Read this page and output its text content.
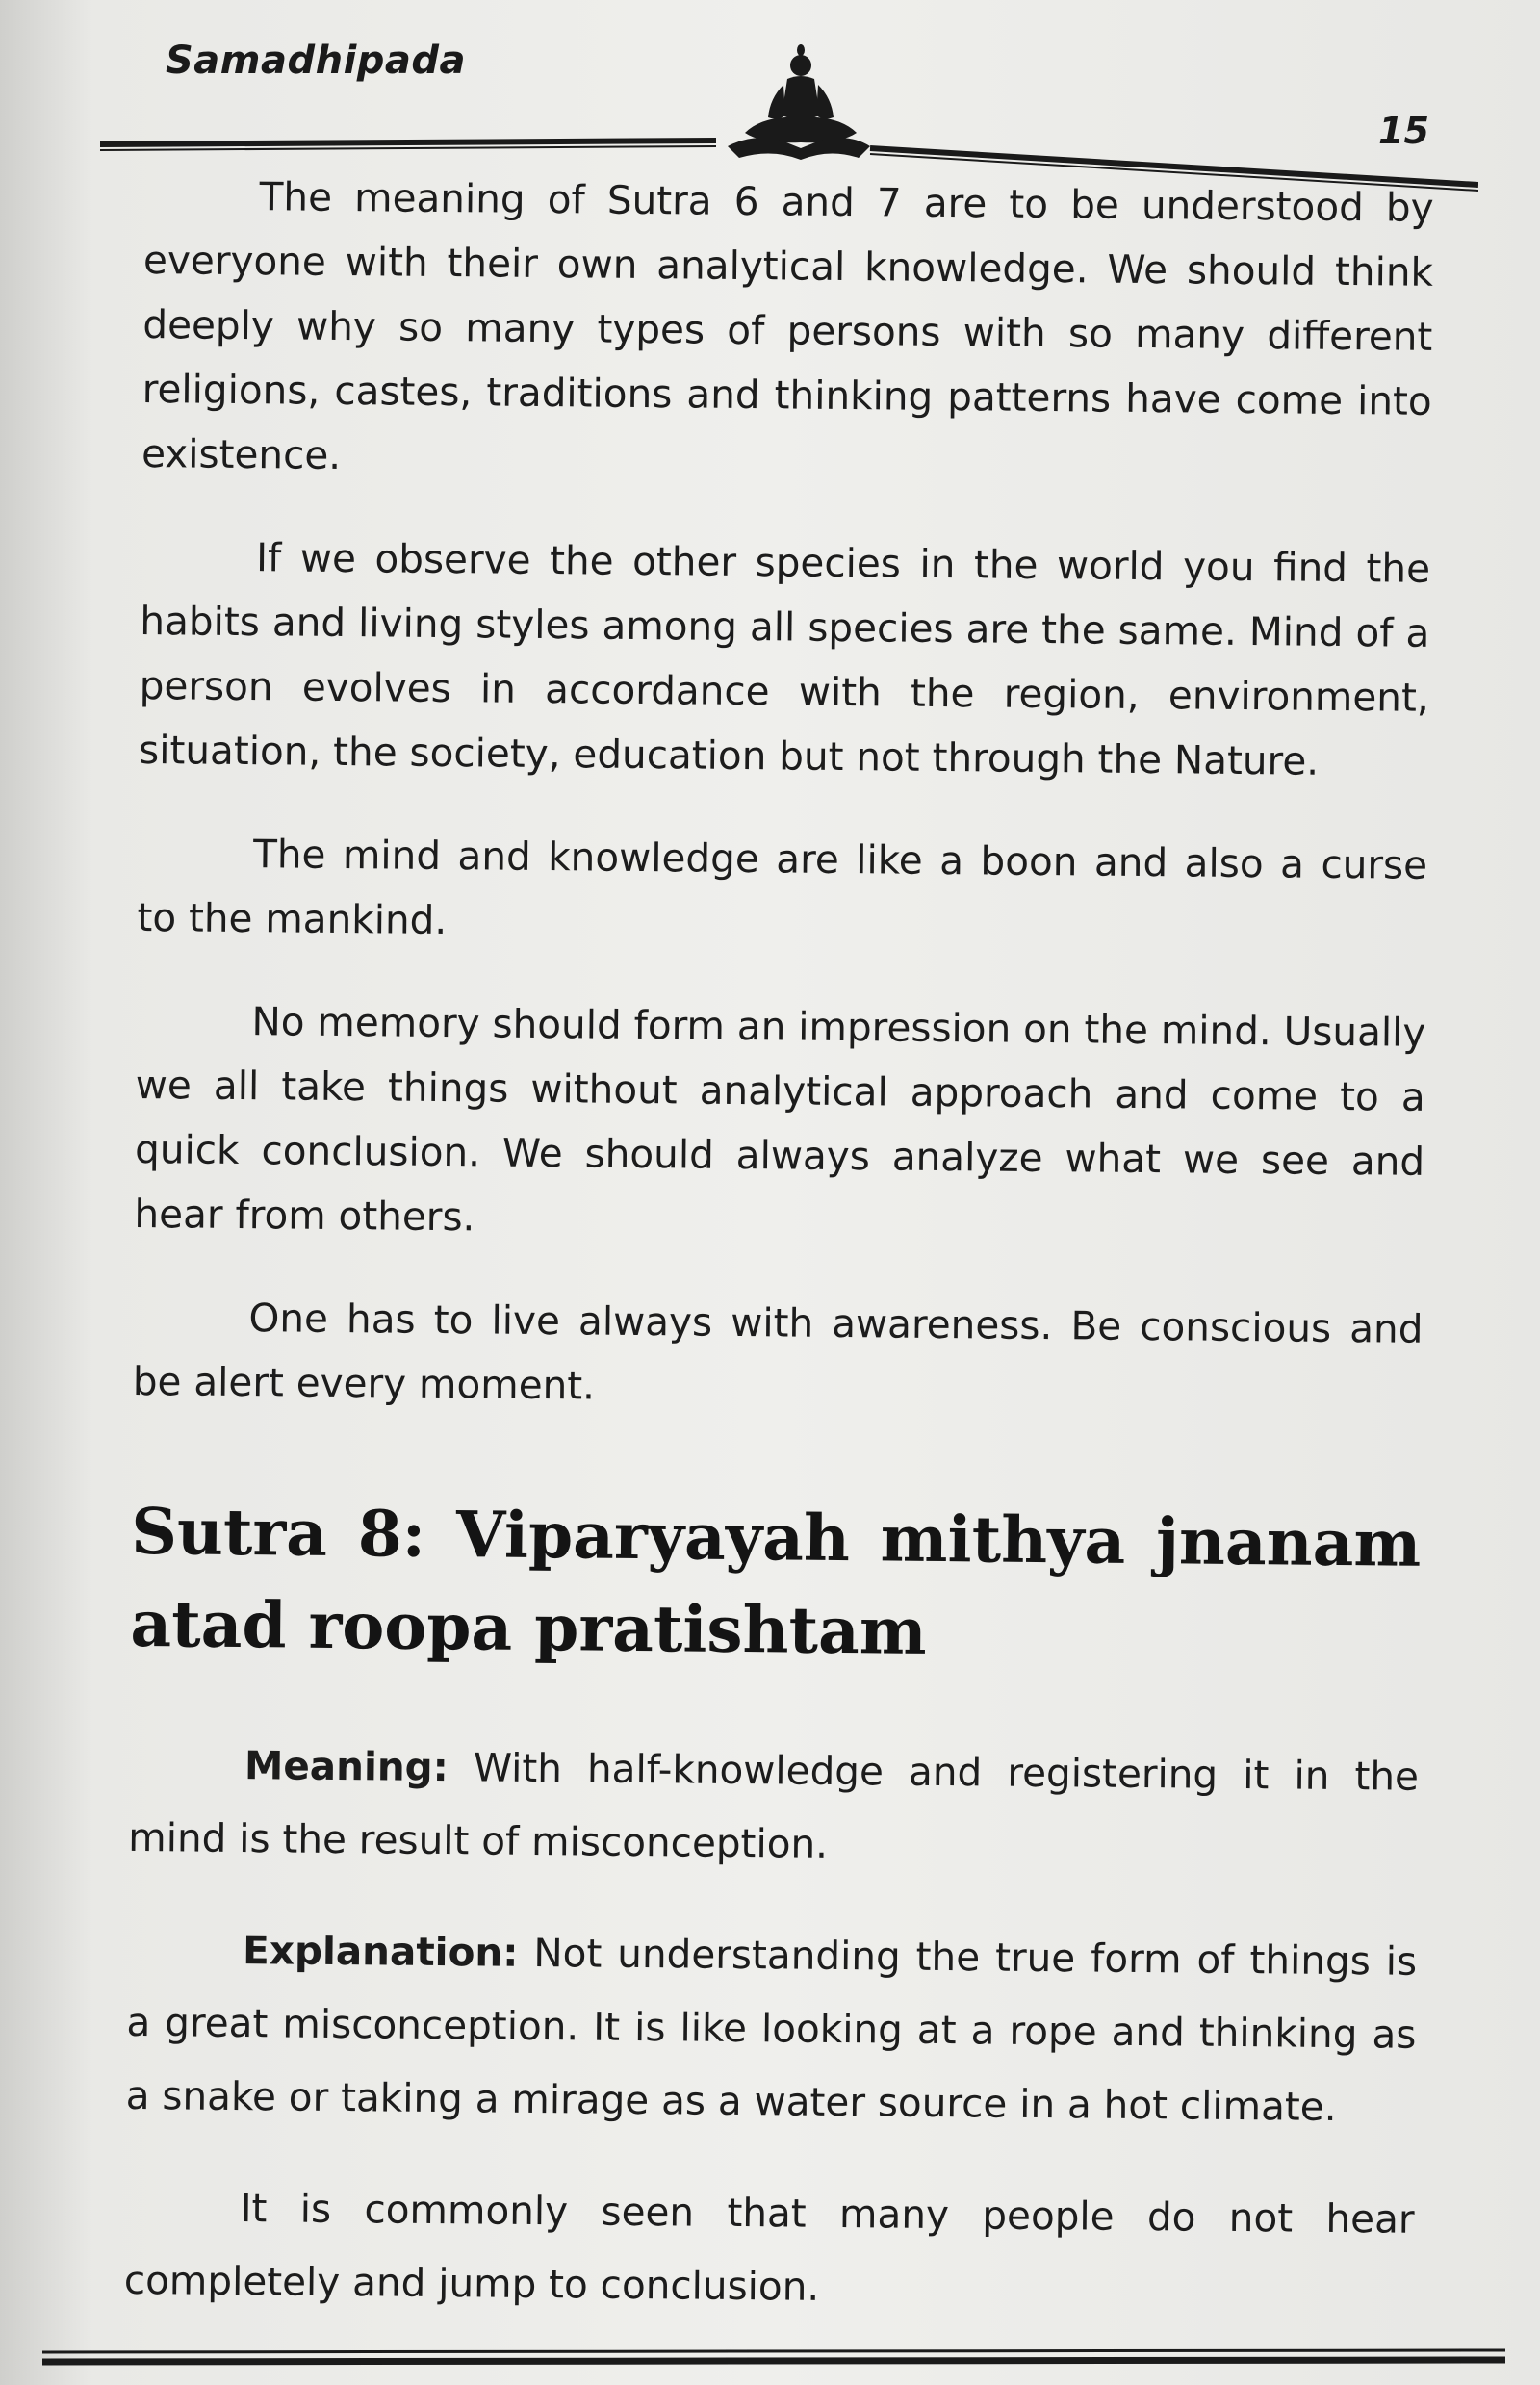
Samadhipada
15

The meaning of Sutra 6 and 7 are to be understood by everyone with their own analytical knowledge. We should think deeply why so many types of persons with so many different religions, castes, traditions and thinking patterns have come into existence.

If we observe the other species in the world you find the habits and living styles among all species are the same. Mind of a person evolves in accordance with the region, environment, situation, the society, education but not through the Nature.

The mind and knowledge are like a boon and also a curse to the mankind.

No memory should form an impression on the mind. Usually we all take things without analytical approach and come to a quick conclusion. We should always analyze what we see and hear from others.

One has to live always with awareness. Be conscious and be alert every moment.

Sutra 8: Viparyayah mithya jnanam atad roopa pratishtam

Meaning: With half-knowledge and registering it in the mind is the result of misconception.

Explanation: Not understanding the true form of things is a great misconception. It is like looking at a rope and thinking as a snake or taking a mirage as a water source in a hot climate.

It is commonly seen that many people do not hear completely and jump to conclusion.
